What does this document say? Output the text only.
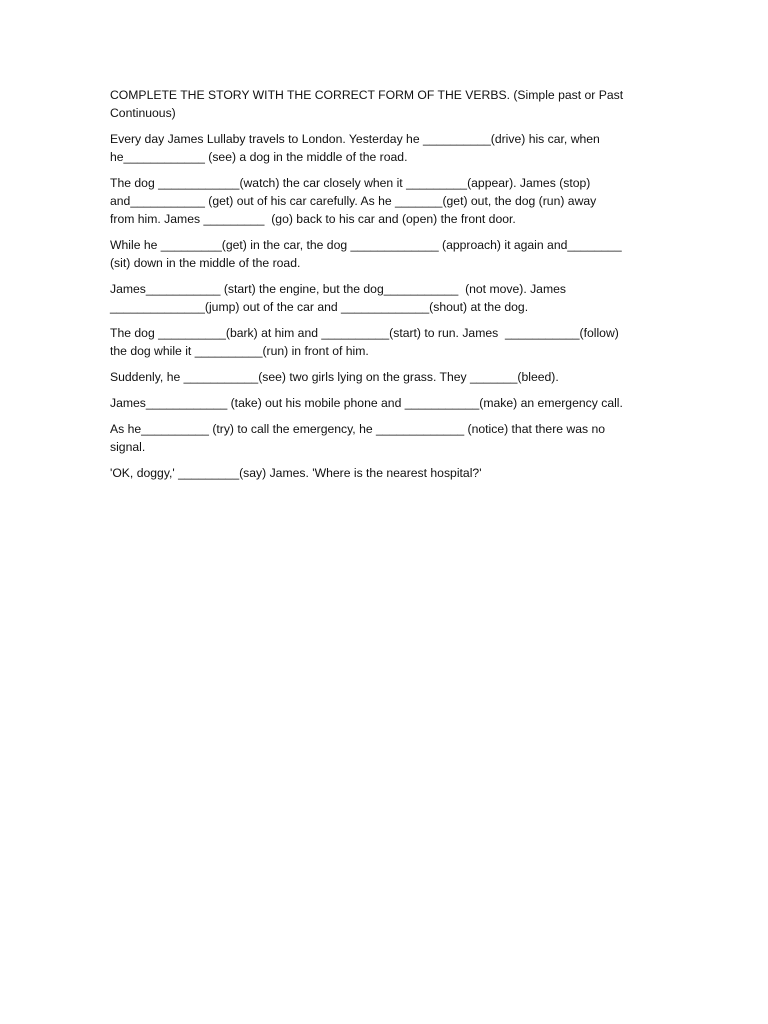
COMPLETE THE STORY WITH THE CORRECT FORM OF THE VERBS. (Simple past or Past
Continuous)
Every day James Lullaby travels to London. Yesterday he __________(drive) his car, when
he____________ (see) a dog in the middle of the road.
The dog ____________(watch) the car closely when it _________(appear). James (stop)
and___________ (get) out of his car carefully. As he _______(get) out, the dog (run) away
from him. James _________  (go) back to his car and (open) the front door.
While he _________(get) in the car, the dog _____________ (approach) it again and________
(sit) down in the middle of the road.
James___________ (start) the engine, but the dog___________  (not move). James
______________(jump) out of the car and _____________(shout) at the dog.
The dog __________(bark) at him and __________(start) to run. James  ___________(follow)
the dog while it __________(run) in front of him.
Suddenly, he ___________(see) two girls lying on the grass. They _______(bleed).
James____________ (take) out his mobile phone and ___________(make) an emergency call.
As he__________ (try) to call the emergency, he _____________ (notice) that there was no
signal.
'OK, doggy,' _________(say) James. 'Where is the nearest hospital?'
